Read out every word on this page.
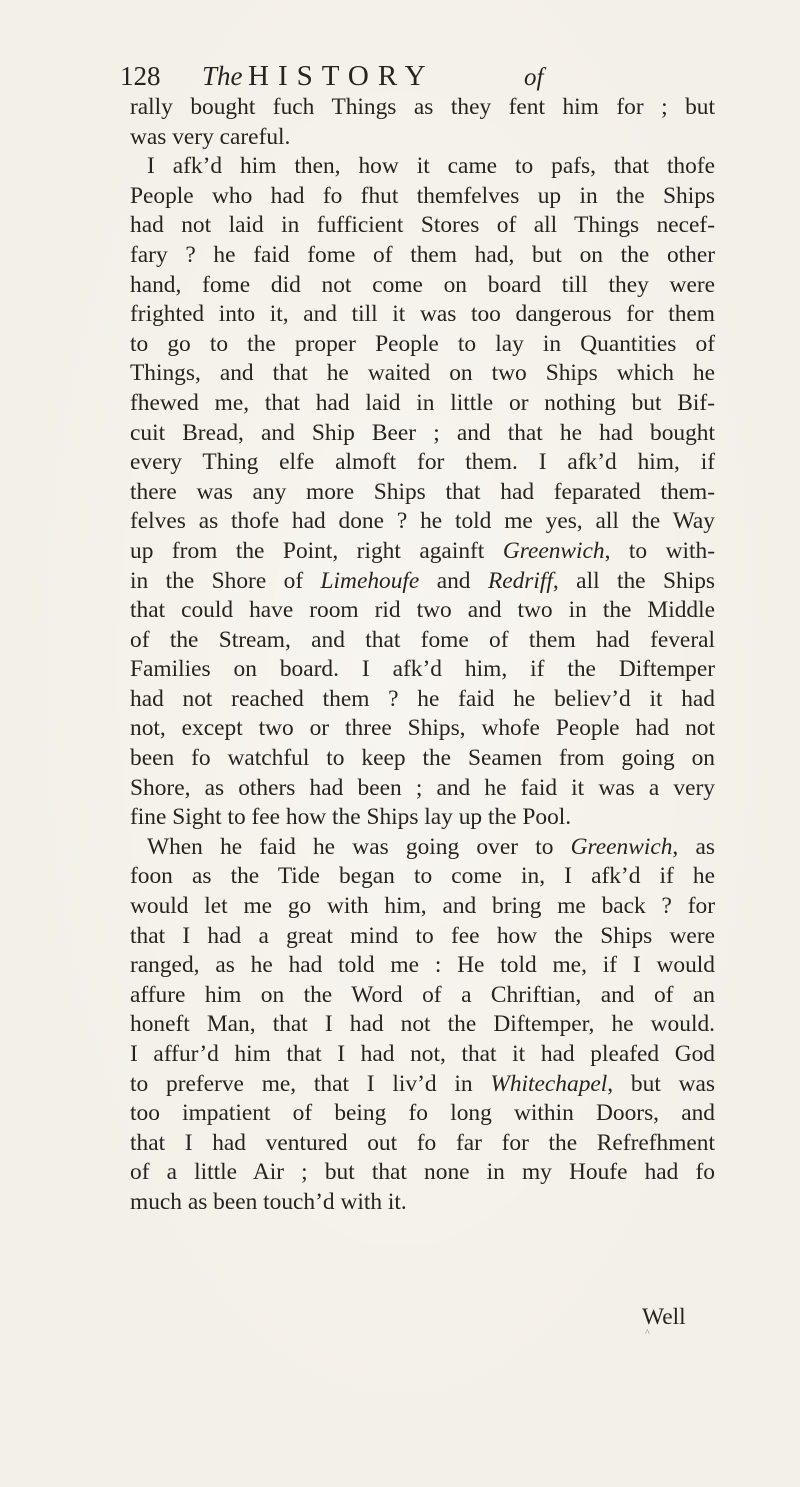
128 The HISTORY	of
rally bought fuch Things as they fent him for ; but
was very careful.
I afk’d him then, how it came to pafs, that thofe
People who had fo fhut themfelves up in the Ships
had not laid in fufficient Stores of all Things necef-
fary ? he faid fome of them had, but on the other
hand, fome did not come on board till they were
frighted into it, and till it was too dangerous for them
to go to the proper People to lay in Quantities of
Things, and that he waited on two Ships which he
fhewed me, that had laid in little or nothing but Bif-
cuit Bread, and Ship Beer ; and that he had bought
every Thing elfe almoft for them. I afk’d him, if
there was any more Ships that had feparated them-
felves as thofe had done ? he told me yes, all the Way
up from the Point, right againft Greenwich, to with-
in the Shore of Limehoufe and Redriff, all the Ships
that could have room rid two and two in the Middle
of the Stream, and that fome of them had feveral
Families on board. I afk’d him, if the Diftemper
had not reached them ? he faid he believ’d it had
not, except two or three Ships, whofe People had not
been fo watchful to keep the Seamen from going on
Shore, as others had been ; and he faid it was a very
fine Sight to fee how the Ships lay up the Pool.
When he faid he was going over to Greenwich, as
foon as the Tide began to come in, I afk’d if he
would let me go with him, and bring me back ? for
that I had a great mind to fee how the Ships were
ranged, as he had told me : He told me, if I would
affure him on the Word of a Chriftian, and of an
honeft Man, that I had not the Diftemper, he would.
I affur’d him that I had not, that it had pleafed God
to preferve me, that I liv’d in Whitechapel, but was
too impatient of being fo long within Doors, and
that I had ventured out fo far for the Refrefhment
of a little Air ; but that none in my Houfe had fo
much as been touch’d with it.
Well
^
